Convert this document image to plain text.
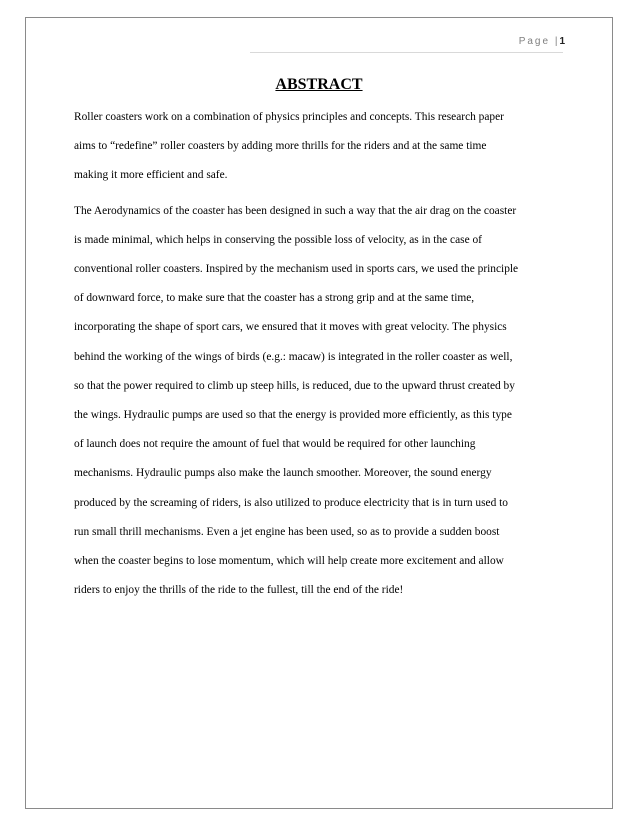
Page |1
ABSTRACT

Roller coasters work on a combination of physics principles and concepts. This research paper

aims to “redefine” roller coasters by adding more thrills for the riders and at the same time

making it more efficient and safe.

The Aerodynamics of the coaster has been designed in such a way that the air drag on the coaster

is made minimal, which helps in conserving the possible loss of velocity, as in the case of

conventional roller coasters. Inspired by the mechanism used in sports cars, we used the principle

of downward force, to make sure that the coaster has a strong grip and at the same time,

incorporating the shape of sport cars, we ensured that it moves with great velocity. The physics

behind the working of the wings of birds (e.g.: macaw) is integrated in the roller coaster as well,

so that the power required to climb up steep hills, is reduced, due to the upward thrust created by

the wings. Hydraulic pumps are used so that the energy is provided more efficiently, as this type

of launch does not require the amount of fuel that would be required for other launching

mechanisms. Hydraulic pumps also make the launch smoother. Moreover, the sound energy

produced by the screaming of riders, is also utilized to produce electricity that is in turn used to

run small thrill mechanisms. Even a jet engine has been used, so as to provide a sudden boost

when the coaster begins to lose momentum, which will help create more excitement and allow

riders to enjoy the thrills of the ride to the fullest, till the end of the ride!
